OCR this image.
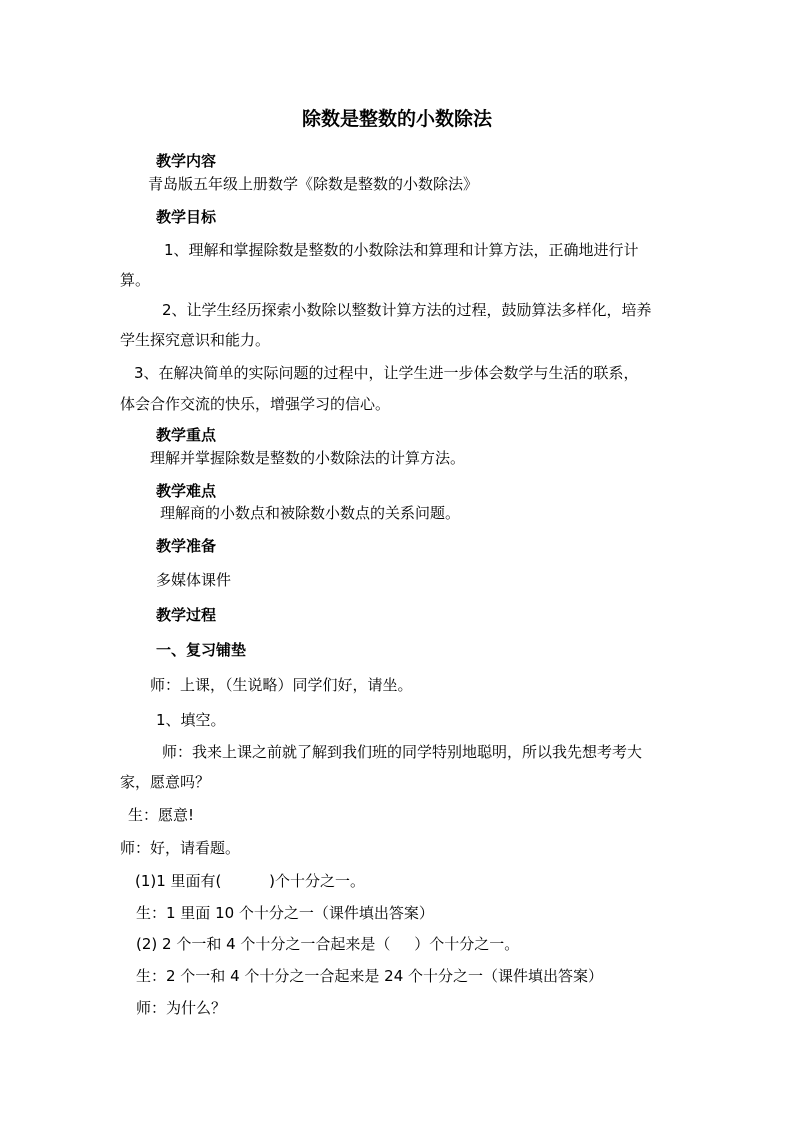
除数是整数的小数除法
教学内容
青岛版五年级上册数学《除数是整数的小数除法》
教学目标
1、理解和掌握除数是整数的小数除法和算理和计算方法，正确地进行计
算。
2、让学生经历探索小数除以整数计算方法的过程，鼓励算法多样化，培养
学生探究意识和能力。
3、在解决简单的实际问题的过程中，让学生进一步体会数学与生活的联系，
体会合作交流的快乐，增强学习的信心。
教学重点
理解并掌握除数是整数的小数除法的计算方法。
教学难点
理解商的小数点和被除数小数点的关系问题。
教学准备
多媒体课件
教学过程
一、复习铺垫
师：上课，（生说略）同学们好，请坐。
1、填空。
师：我来上课之前就了解到我们班的同学特别地聪明，所以我先想考考大
家，愿意吗？
生：愿意!
师：好，请看题。
(1)1 里面有(          )个十分之一。
生：1 里面 10 个十分之一（课件填出答案）
(2) 2 个一和 4 个十分之一合起来是（     ）个十分之一。
生：2 个一和 4 个十分之一合起来是 24 个十分之一（课件填出答案）
师：为什么？
